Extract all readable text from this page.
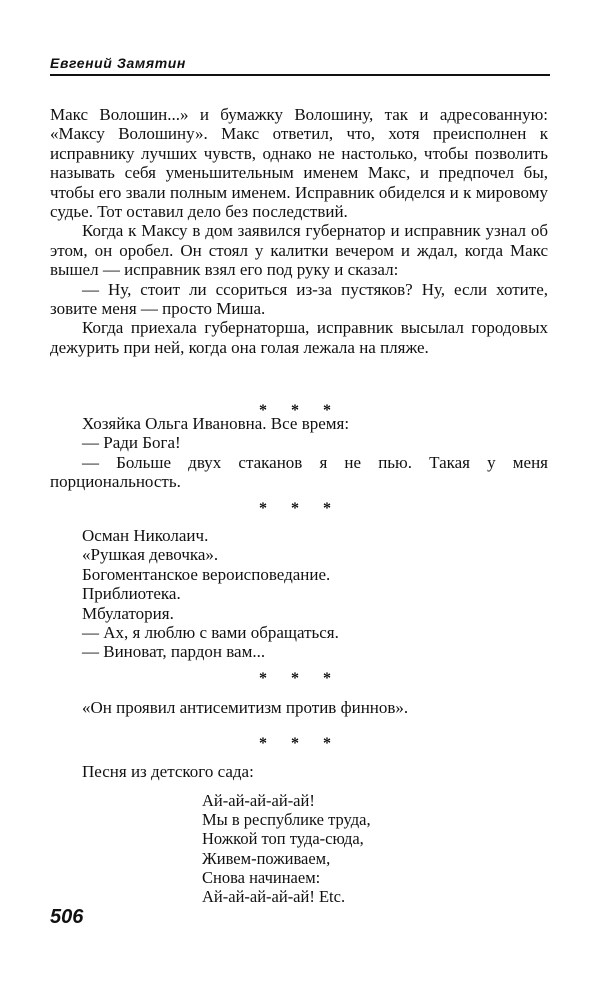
Евгений Замятин
Макс Волошин...» и бумажку Волошину, так и адресованную: «Максу Волошину». Макс ответил, что, хотя преисполнен к исправнику лучших чувств, однако не настолько, чтобы позволить называть себя уменьшительным именем Макс, и предпочел бы, чтобы его звали полным именем. Исправник обиделся и к мировому судье. Тот оставил дело без последствий.
Когда к Максу в дом заявился губернатор и исправник узнал об этом, он оробел. Он стоял у калитки вечером и ждал, когда Макс вышел — исправник взял его под руку и сказал:
— Ну, стоит ли ссориться из-за пустяков? Ну, если хотите, зовите меня — просто Миша.
Когда приехала губернаторша, исправник высылал городовых дежурить при ней, когда она голая лежала на пляже.
* * *
Хозяйка Ольга Ивановна. Все время:
— Ради Бога!
— Больше двух стаканов я не пью. Такая у меня порциональность.
* * *
Осман Николаич.
«Рушкая девочка».
Богоментанское вероисповедание.
Приблиотека.
Мбулатория.
— Ах, я люблю с вами обращаться.
— Виноват, пардон вам...
* * *
«Он проявил антисемитизм против финнов».
* * *
Песня из детского сада:
Ай-ай-ай-ай-ай!
Мы в республике труда,
Ножкой топ туда-сюда,
Живем-поживаем,
Снова начинаем:
Ай-ай-ай-ай-ай! Etc.
506
